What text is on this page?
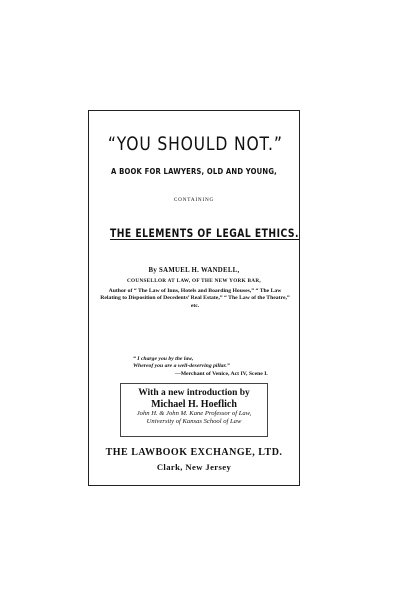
“YOU SHOULD NOT.”
A BOOK FOR LAWYERS, OLD AND YOUNG,
CONTAINING
THE ELEMENTS OF LEGAL ETHICS.
By SAMUEL H. WANDELL,
COUNSELLOR AT LAW, OF THE NEW YORK BAR,
Author of “ The Law of Inns, Hotels and Boarding Houses,” “ The Law Relating to Disposition of Decedents’ Real Estate,” “ The Law of the Theatre,” etc.
“ I charge you by the law,
Whereof you are a well-deserving pillar.”
—Merchant of Venice, Act IV, Scene I.
With a new introduction by
Michael H. Hoeflich
John H. & John M. Kane Professor of Law,
University of Kansas School of Law
THE LAWBOOK EXCHANGE, LTD.
Clark, New Jersey
